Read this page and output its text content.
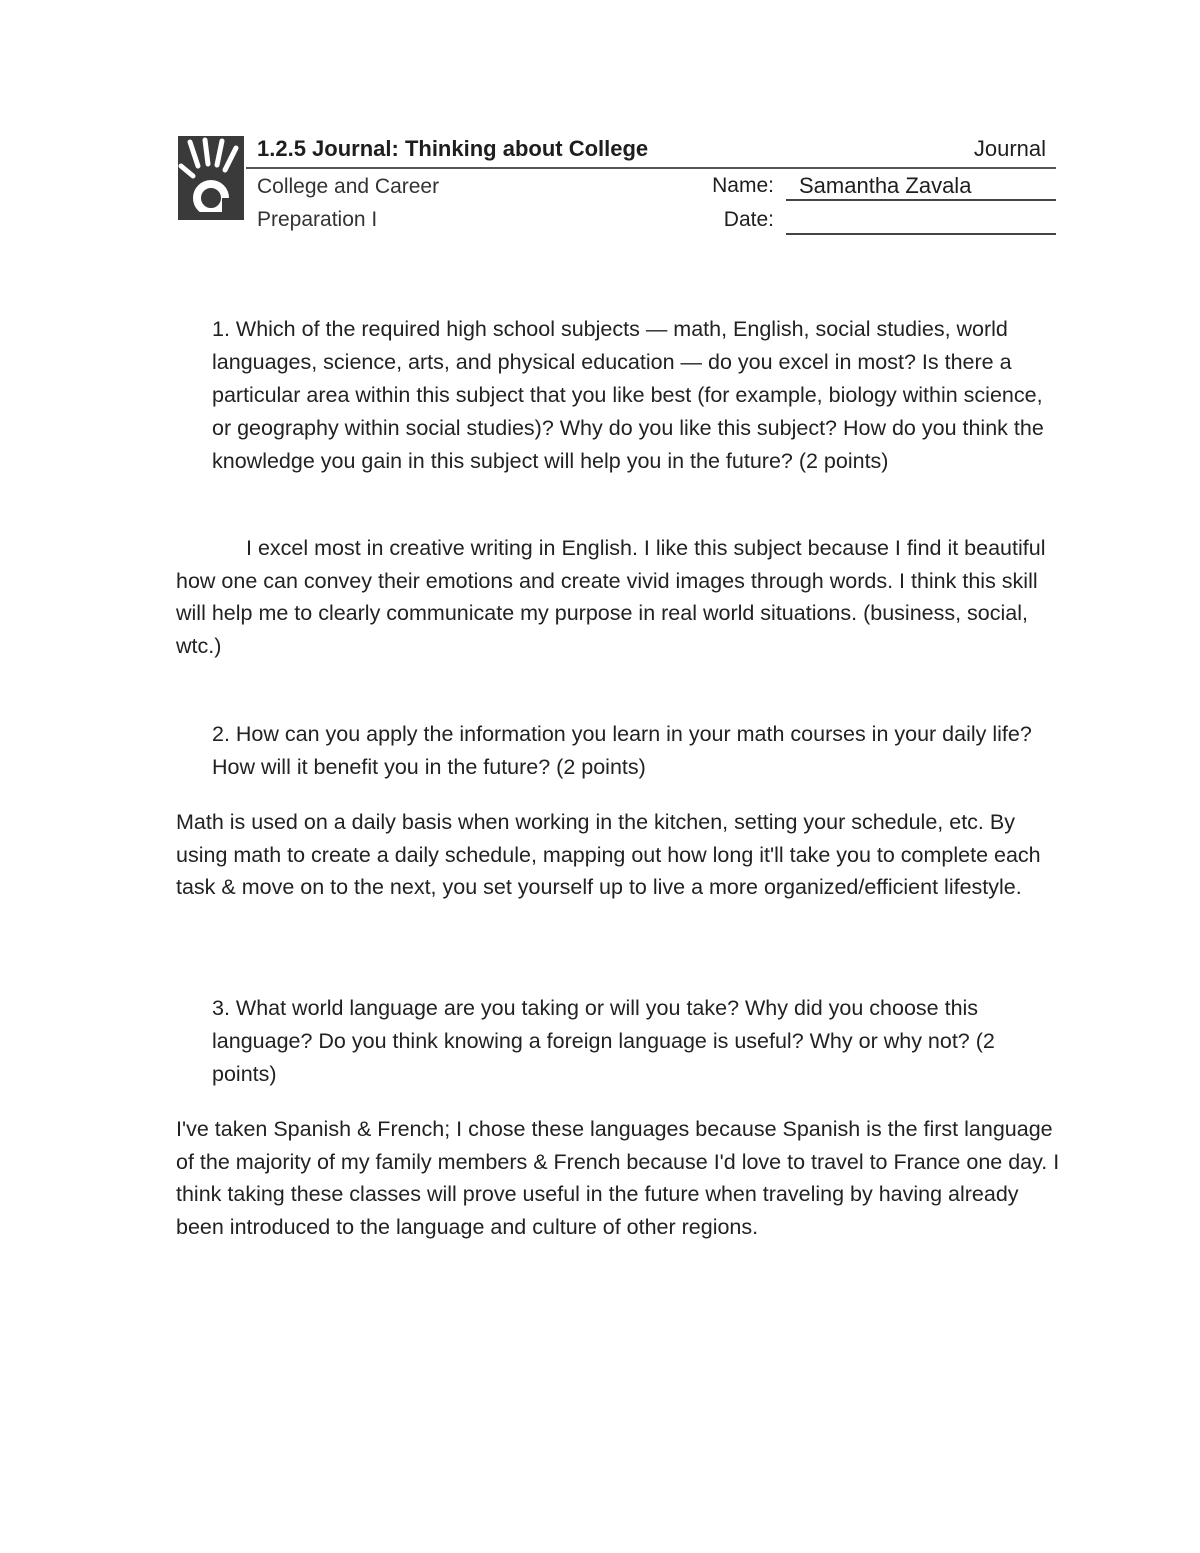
1.2.5 Journal: Thinking about College	Journal
College and Career
Preparation I
Name: Samantha Zavala
Date:
1. Which of the required high school subjects — math, English, social studies, world languages, science, arts, and physical education — do you excel in most? Is there a particular area within this subject that you like best (for example, biology within science, or geography within social studies)? Why do you like this subject? How do you think the knowledge you gain in this subject will help you in the future? (2 points)
I excel most in creative writing in English. I like this subject because I find it beautiful how one can convey their emotions and create vivid images through words. I think this skill will help me to clearly communicate my purpose in real world situations. (business, social, wtc.)
2. How can you apply the information you learn in your math courses in your daily life? How will it benefit you in the future? (2 points)
Math is used on a daily basis when working in the kitchen, setting your schedule, etc. By using math to create a daily schedule, mapping out how long it'll take you to complete each task & move on to the next, you set yourself up to live a more organized/efficient lifestyle.
3. What world language are you taking or will you take? Why did you choose this language? Do you think knowing a foreign language is useful? Why or why not? (2 points)
I've taken Spanish & French; I chose these languages because Spanish is the first language of the majority of my family members & French because I'd love to travel to France one day. I think taking these classes will prove useful in the future when traveling by having already been introduced to the language and culture of other regions.
